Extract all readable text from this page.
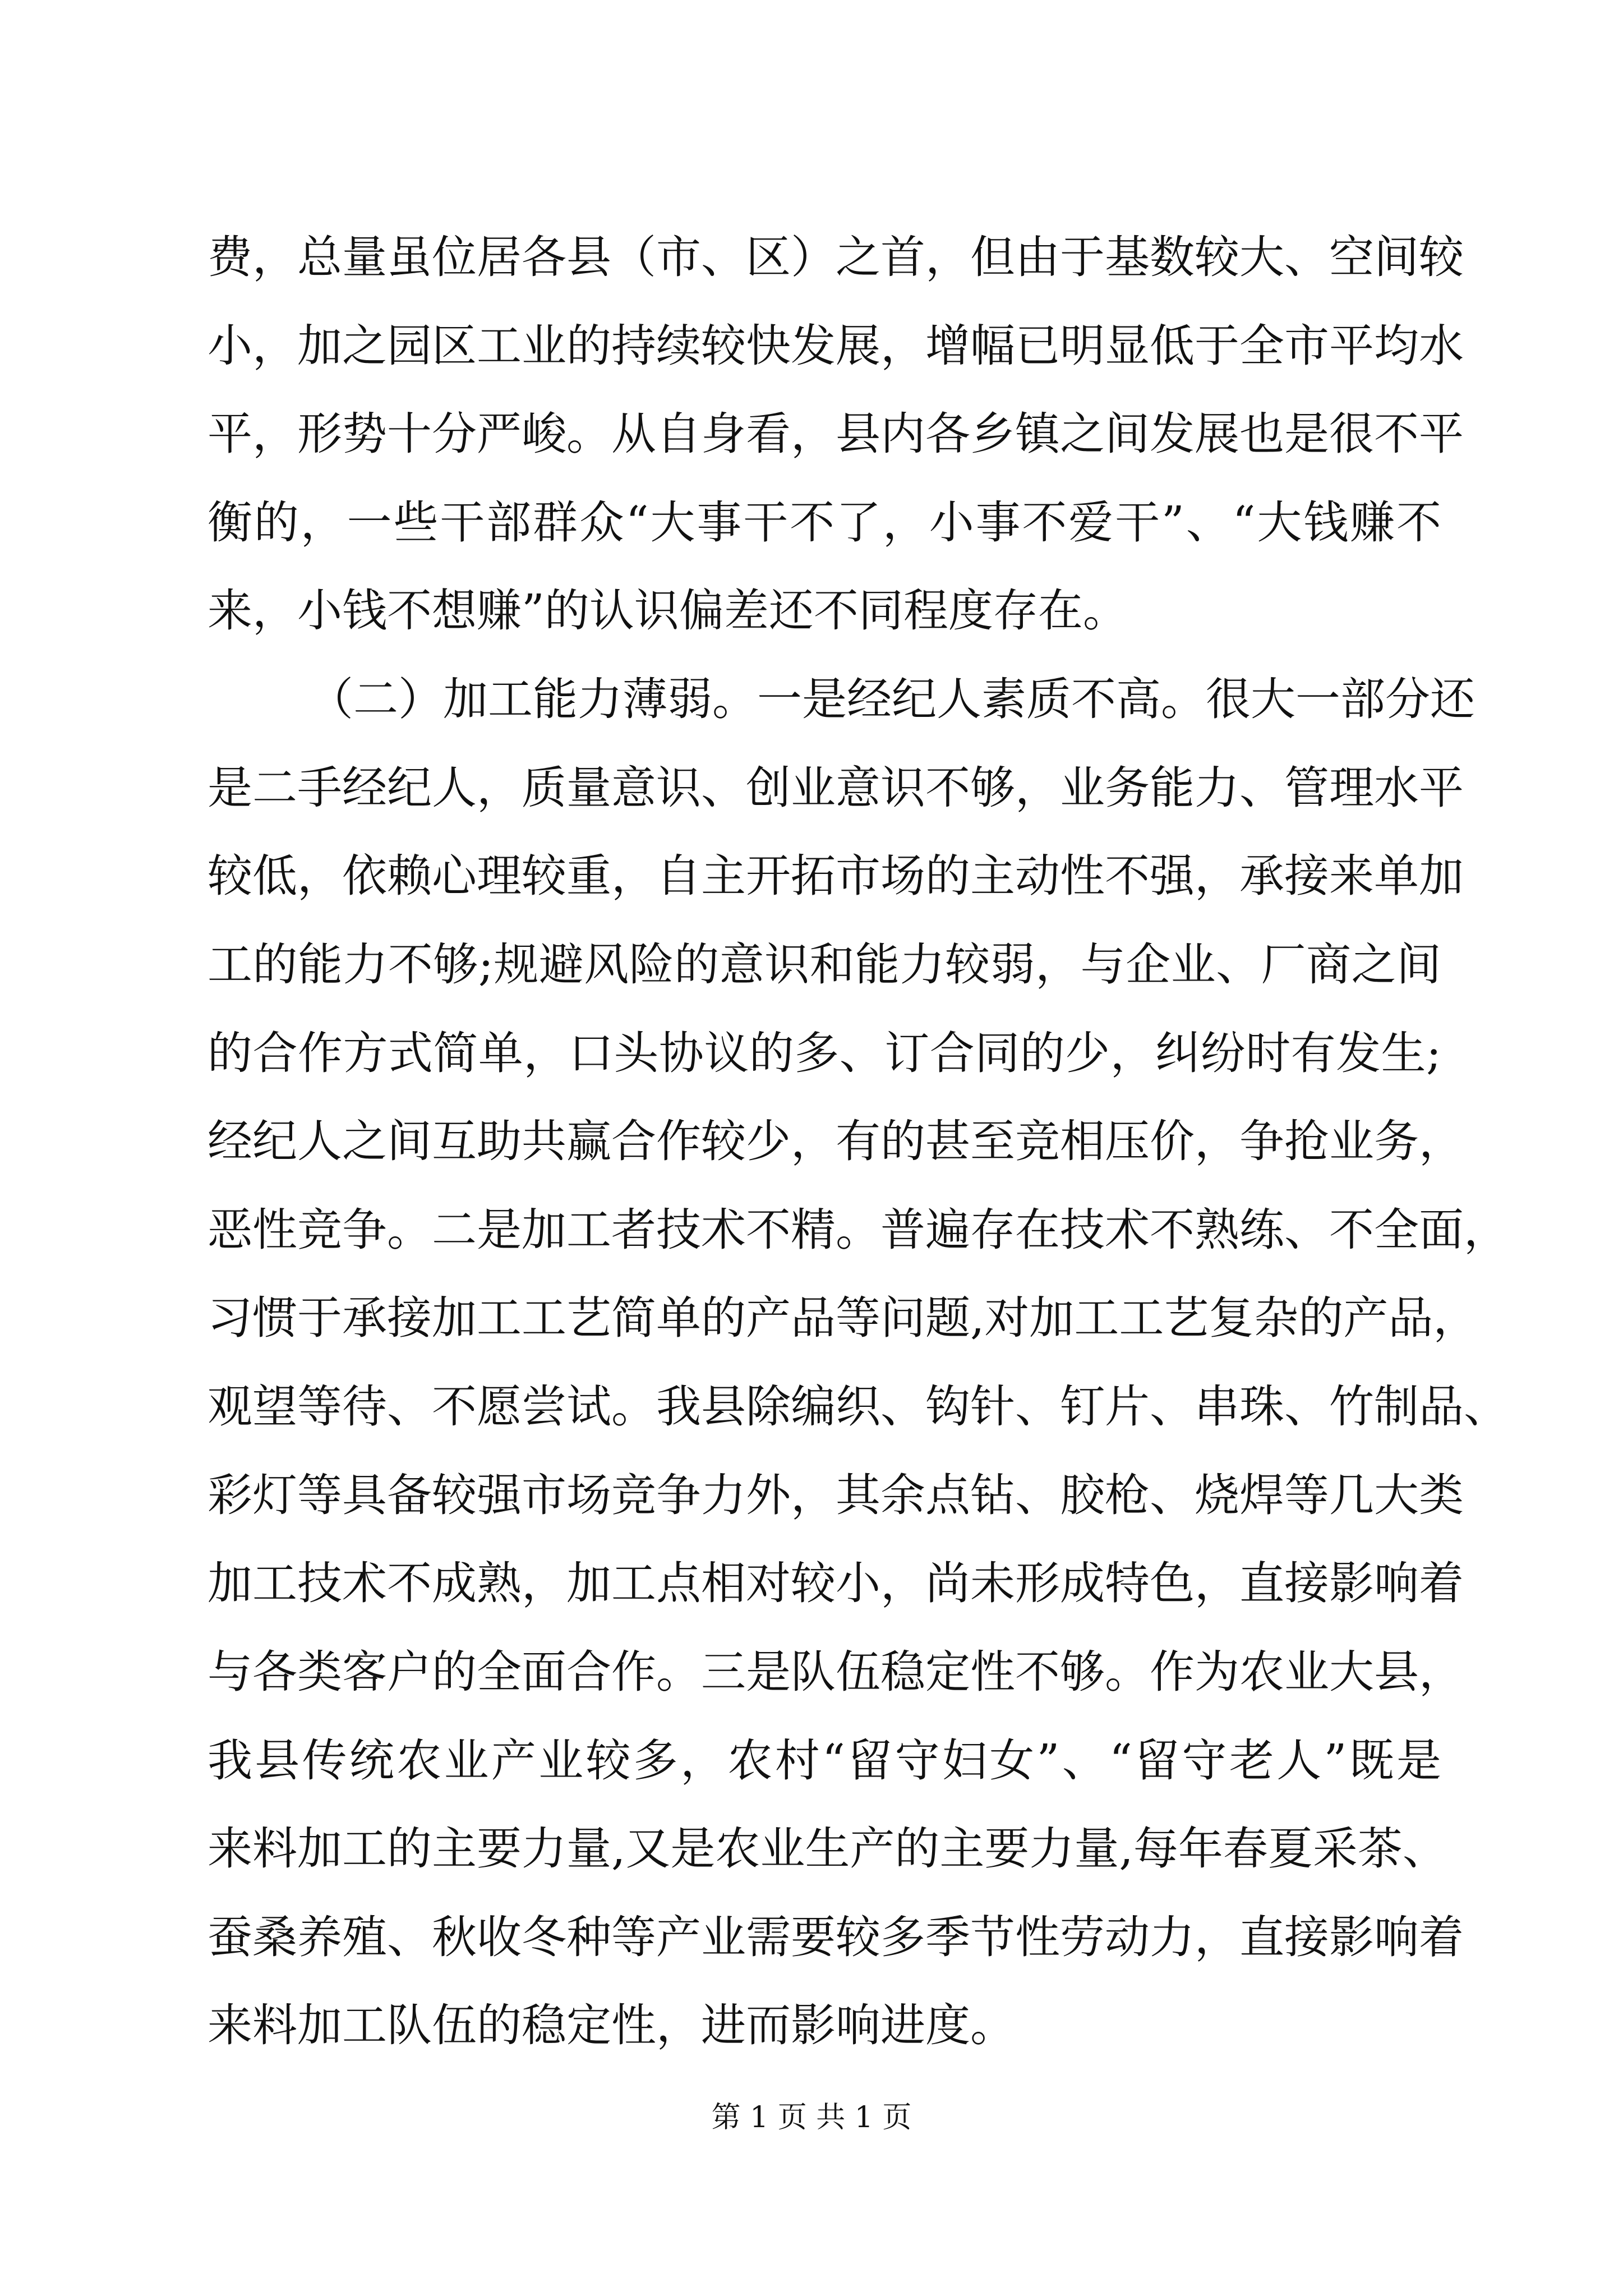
费，总量虽位居各县（市、区）之首，但由于基数较大、空间较
小，加之园区工业的持续较快发展，增幅已明显低于全市平均水
平，形势十分严峻。从自身看，县内各乡镇之间发展也是很不平
衡的，一些干部群众“大事干不了，小事不爱干”、“大钱赚不
来，小钱不想赚”的认识偏差还不同程度存在。
（二）加工能力薄弱。一是经纪人素质不高。很大一部分还
是二手经纪人，质量意识、创业意识不够，业务能力、管理水平
较低，依赖心理较重，自主开拓市场的主动性不强，承接来单加
工的能力不够;规避风险的意识和能力较弱，与企业、厂商之间
的合作方式简单，口头协议的多、订合同的少，纠纷时有发生;
经纪人之间互助共赢合作较少，有的甚至竞相压价，争抢业务，
恶性竞争。二是加工者技术不精。普遍存在技术不熟练、不全面，
习惯于承接加工工艺简单的产品等问题,对加工工艺复杂的产品，
观望等待、不愿尝试。我县除编织、钩针、钉片、串珠、竹制品、
彩灯等具备较强市场竞争力外，其余点钻、胶枪、烧焊等几大类
加工技术不成熟，加工点相对较小，尚未形成特色，直接影响着
与各类客户的全面合作。三是队伍稳定性不够。作为农业大县，
我县传统农业产业较多，农村“留守妇女”、“留守老人”既是
来料加工的主要力量,又是农业生产的主要力量,每年春夏采茶、
蚕桑养殖、秋收冬种等产业需要较多季节性劳动力，直接影响着
来料加工队伍的稳定性，进而影响进度。
第 1 页 共 1 页
